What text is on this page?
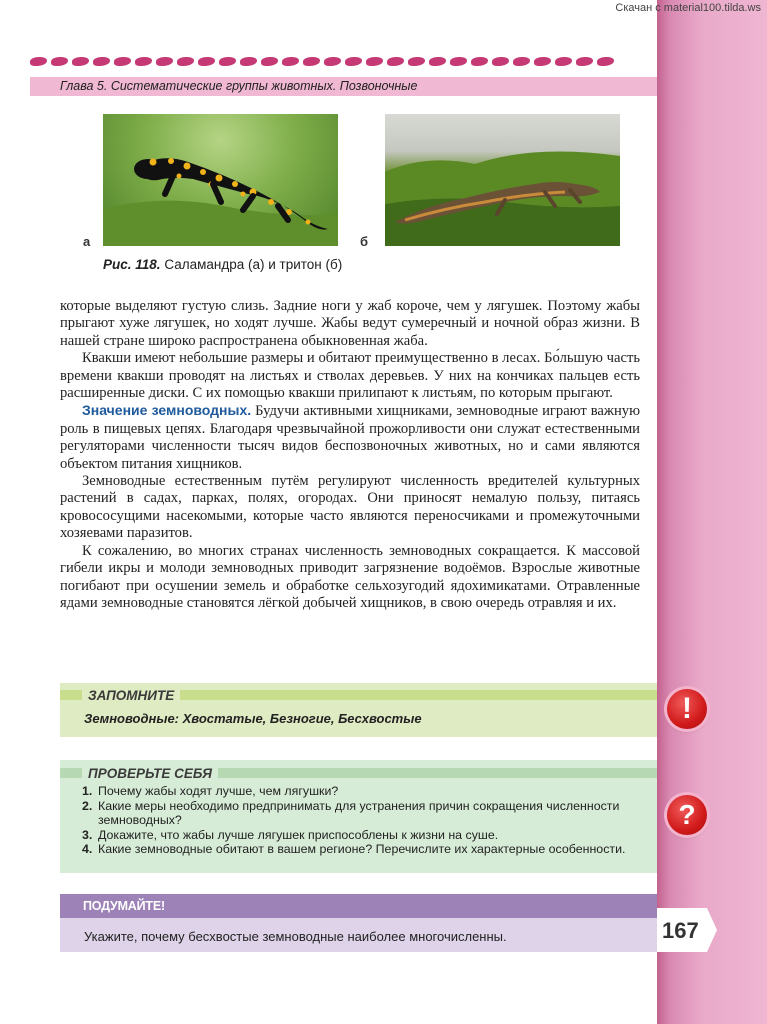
Скачан с material100.tilda.ws
Глава 5. Систематические группы животных. Позвоночные
а	б
Рис. 118. Саламандра (а) и тритон (б)

которые выделяют густую слизь. Задние ноги у жаб короче, чем у лягушек. Поэтому жабы прыгают хуже лягушек, но ходят лучше. Жабы ведут сумеречный и ночной образ жизни. В нашей стране широко распространена обыкновенная жаба.

Квакши имеют небольшие размеры и обитают преимущественно в лесах. Бо́льшую часть времени квакши проводят на листьях и стволах деревьев. У них на кончиках пальцев есть расширенные диски. С их помощью квакши прилипают к листьям, по которым прыгают.

Значение земноводных. Будучи активными хищниками, земноводные играют важную роль в пищевых цепях. Благодаря чрезвычайной прожорливости они служат естественными регуляторами численности тысяч видов беспозвоночных животных, но и сами являются объектом питания хищников.

Земноводные естественным путём регулируют численность вредителей культурных растений в садах, парках, полях, огородах. Они приносят немалую пользу, питаясь кровососущими насекомыми, которые часто являются переносчиками и промежуточными хозяевами паразитов.

К сожалению, во многих странах численность земноводных сокращается. К массовой гибели икры и молоди земноводных приводит загрязнение водоёмов. Взрослые животные погибают при осушении земель и обработке сельхозугодий ядохимикатами. Отравленные ядами земноводные становятся лёгкой добычей хищников, в свою очередь отравляя и их.

ЗАПОМНИТЕ
Земноводные: Хвостатые, Безногие, Бесхвостые	!
ПРОВЕРЬТЕ СЕБЯ
1. Почему жабы ходят лучше, чем лягушки?
2. Какие меры необходимо предпринимать для устранения причин сокращения численности земноводных?
3. Докажите, что жабы лучше лягушек приспособлены к жизни на суше.
4. Какие земноводные обитают в вашем регионе? Перечислите их характерные особенности.
?
ПОДУМАЙТЕ!
Укажите, почему бесхвостые земноводные наиболее многочисленны.	167
